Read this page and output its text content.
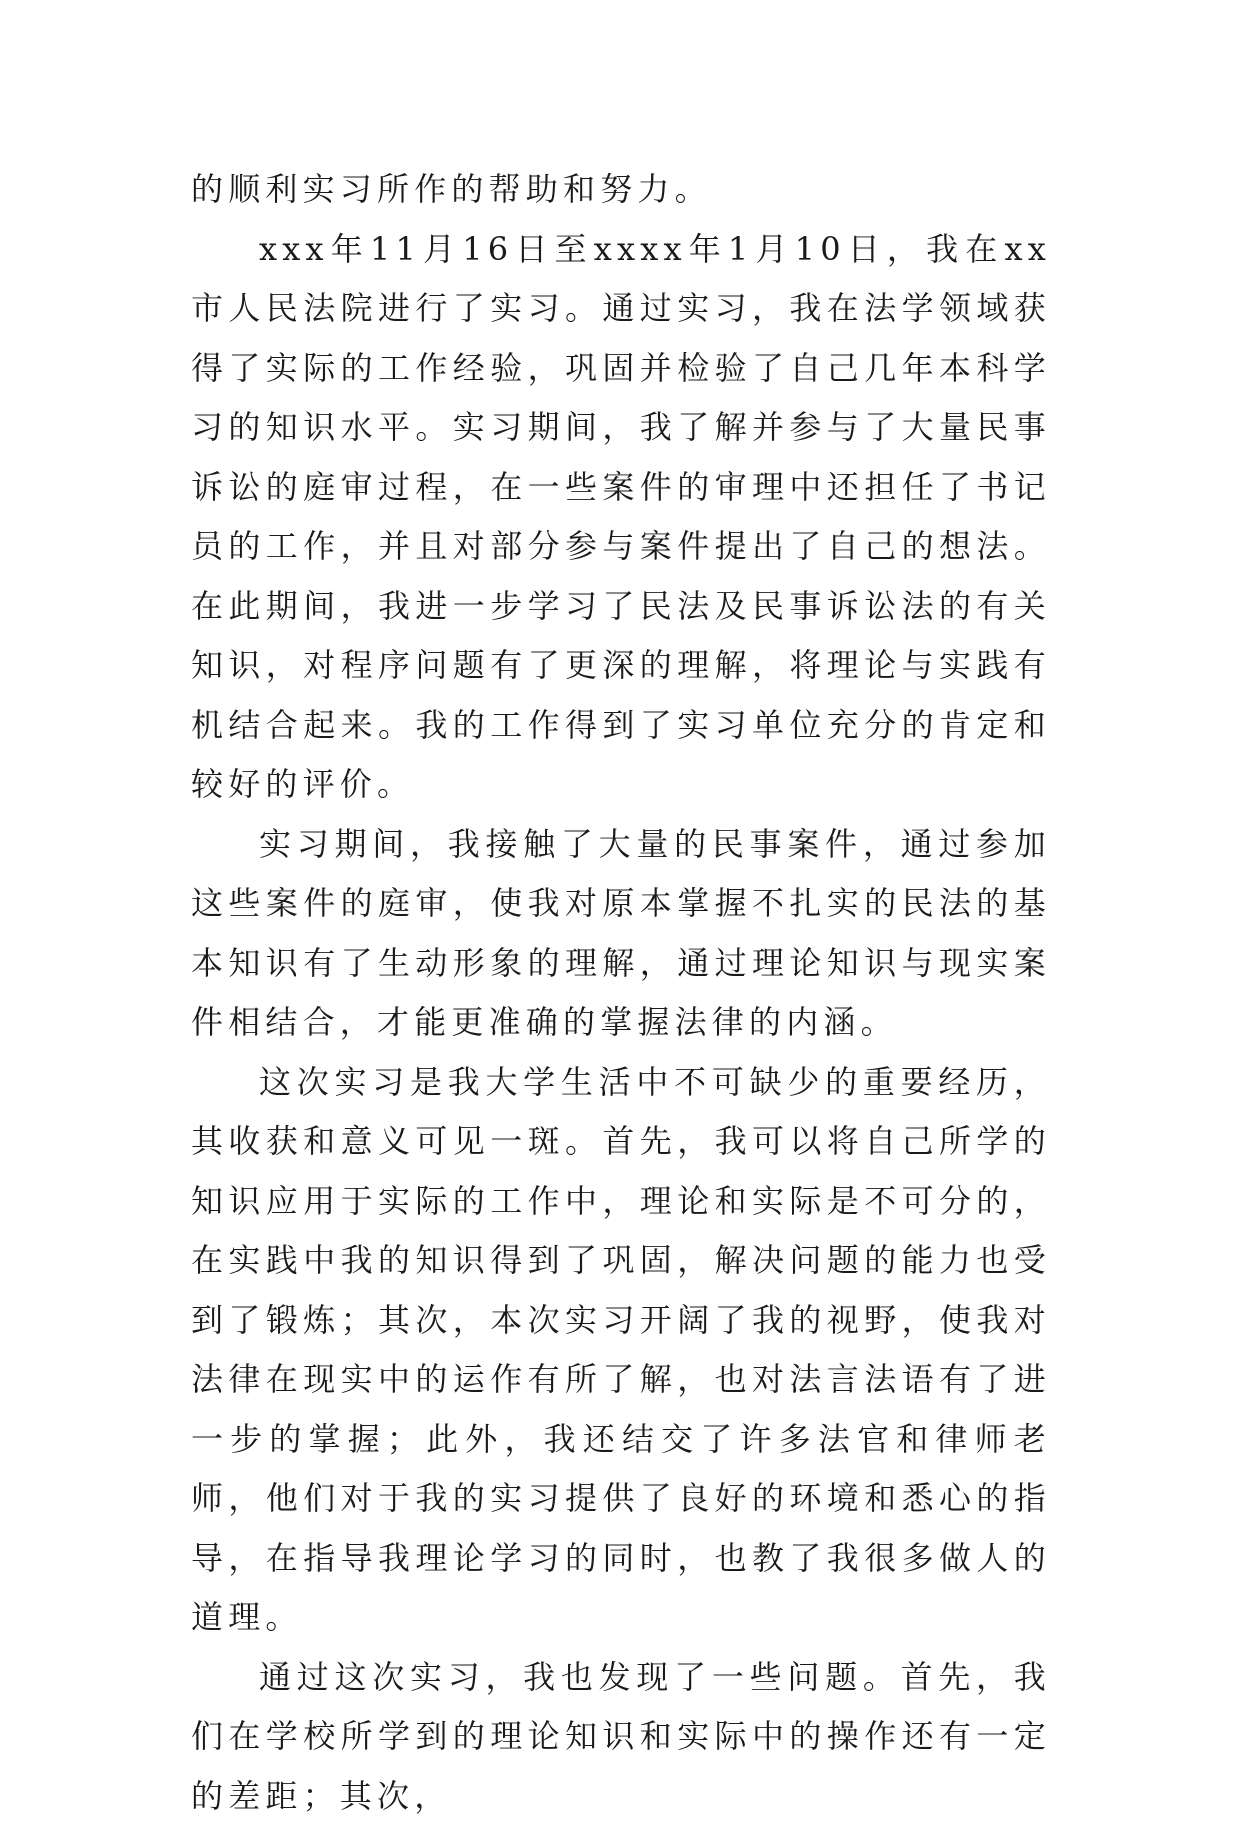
的顺利实习所作的帮助和努力。

xxx年11月16日至xxxx年1月10日，我在xx市人民法院进行了实习。通过实习，我在法学领域获得了实际的工作经验，巩固并检验了自己几年本科学习的知识水平。实习期间，我了解并参与了大量民事诉讼的庭审过程，在一些案件的审理中还担任了书记员的工作，并且对部分参与案件提出了自己的想法。在此期间，我进一步学习了民法及民事诉讼法的有关知识，对程序问题有了更深的理解，将理论与实践有机结合起来。我的工作得到了实习单位充分的肯定和较好的评价。

实习期间，我接触了大量的民事案件，通过参加这些案件的庭审，使我对原本掌握不扎实的民法的基本知识有了生动形象的理解，通过理论知识与现实案件相结合，才能更准确的掌握法律的内涵。

这次实习是我大学生活中不可缺少的重要经历，其收获和意义可见一斑。首先，我可以将自己所学的知识应用于实际的工作中，理论和实际是不可分的，在实践中我的知识得到了巩固，解决问题的能力也受到了锻炼；其次，本次实习开阔了我的视野，使我对法律在现实中的运作有所了解，也对法言法语有了进一步的掌握；此外，我还结交了许多法官和律师老师，他们对于我的实习提供了良好的环境和悉心的指导，在指导我理论学习的同时，也教了我很多做人的道理。

通过这次实习，我也发现了一些问题。首先，我们在学校所学到的理论知识和实际中的操作还有一定的差距；其次，
